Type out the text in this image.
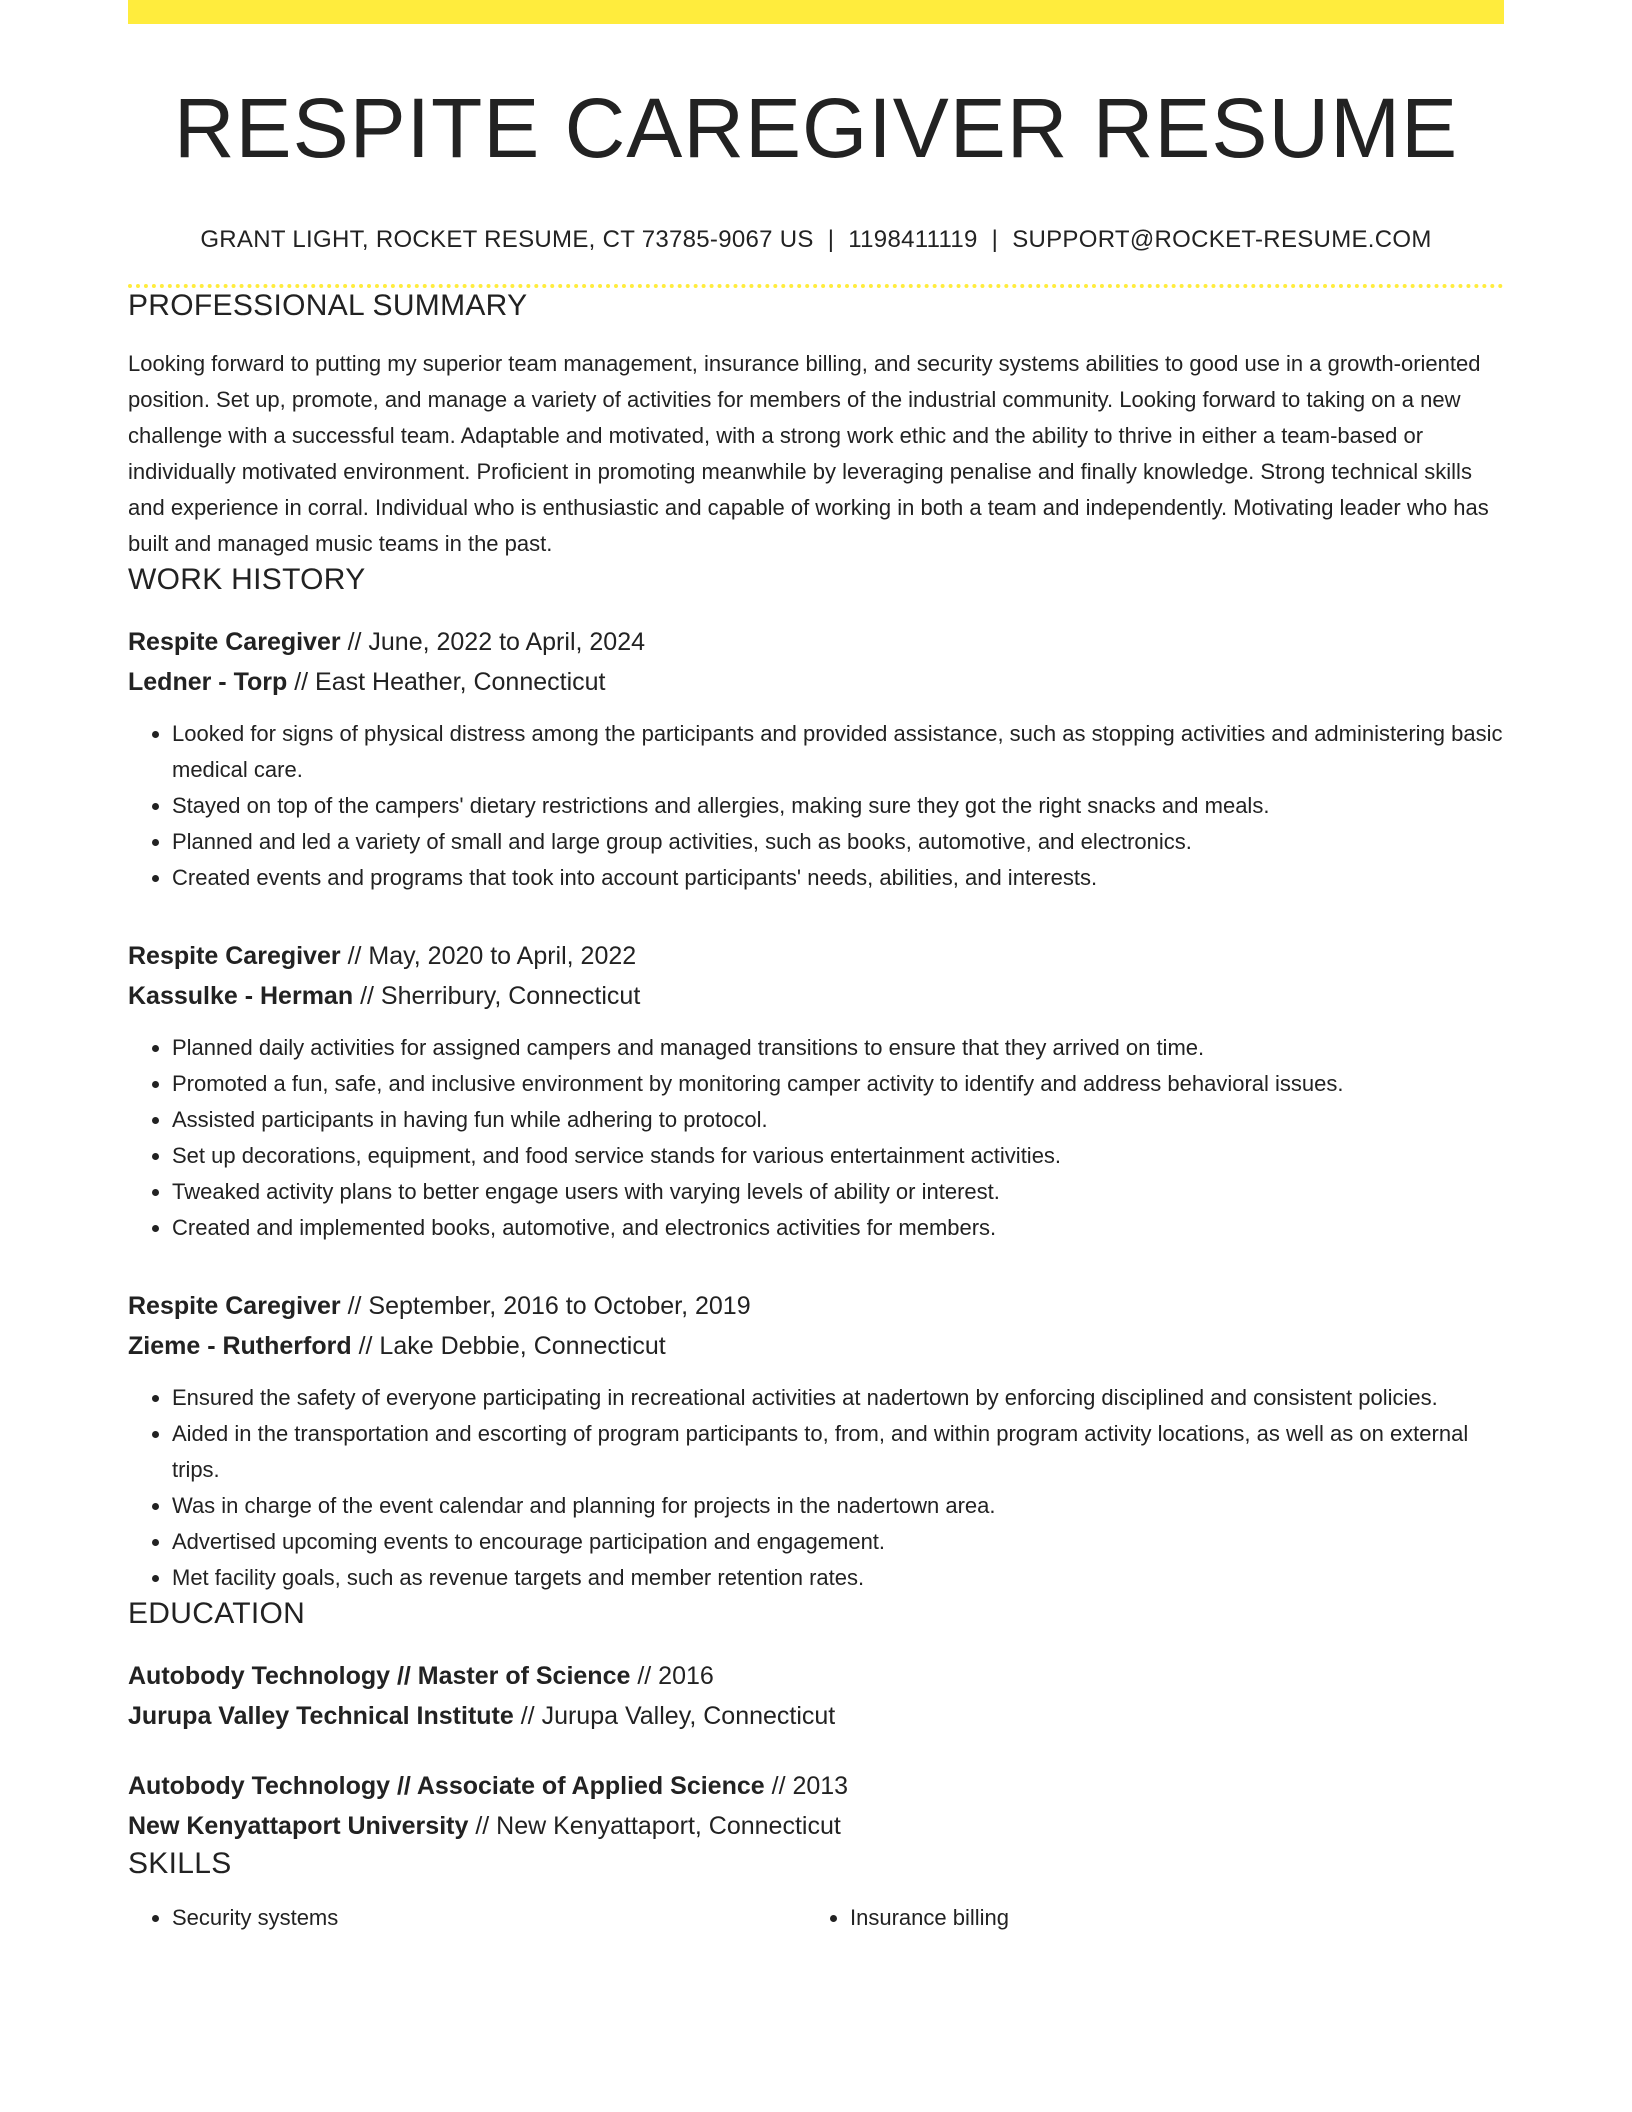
RESPITE CAREGIVER RESUME
GRANT LIGHT, ROCKET RESUME, CT 73785-9067 US | 1198411119 | SUPPORT@ROCKET-RESUME.COM
PROFESSIONAL SUMMARY
Looking forward to putting my superior team management, insurance billing, and security systems abilities to good use in a growth-oriented position. Set up, promote, and manage a variety of activities for members of the industrial community. Looking forward to taking on a new challenge with a successful team. Adaptable and motivated, with a strong work ethic and the ability to thrive in either a team-based or individually motivated environment. Proficient in promoting meanwhile by leveraging penalise and finally knowledge. Strong technical skills and experience in corral. Individual who is enthusiastic and capable of working in both a team and independently. Motivating leader who has built and managed music teams in the past.
WORK HISTORY
Respite Caregiver // June, 2022 to April, 2024
Ledner - Torp // East Heather, Connecticut
• Looked for signs of physical distress among the participants and provided assistance, such as stopping activities and administering basic medical care.
• Stayed on top of the campers' dietary restrictions and allergies, making sure they got the right snacks and meals.
• Planned and led a variety of small and large group activities, such as books, automotive, and electronics.
• Created events and programs that took into account participants' needs, abilities, and interests.
Respite Caregiver // May, 2020 to April, 2022
Kassulke - Herman // Sherribury, Connecticut
• Planned daily activities for assigned campers and managed transitions to ensure that they arrived on time.
• Promoted a fun, safe, and inclusive environment by monitoring camper activity to identify and address behavioral issues.
• Assisted participants in having fun while adhering to protocol.
• Set up decorations, equipment, and food service stands for various entertainment activities.
• Tweaked activity plans to better engage users with varying levels of ability or interest.
• Created and implemented books, automotive, and electronics activities for members.
Respite Caregiver // September, 2016 to October, 2019
Zieme - Rutherford // Lake Debbie, Connecticut
• Ensured the safety of everyone participating in recreational activities at nadertown by enforcing disciplined and consistent policies.
• Aided in the transportation and escorting of program participants to, from, and within program activity locations, as well as on external trips.
• Was in charge of the event calendar and planning for projects in the nadertown area.
• Advertised upcoming events to encourage participation and engagement.
• Met facility goals, such as revenue targets and member retention rates.
EDUCATION
Autobody Technology // Master of Science // 2016
Jurupa Valley Technical Institute // Jurupa Valley, Connecticut
Autobody Technology // Associate of Applied Science // 2013
New Kenyattaport University // New Kenyattaport, Connecticut
SKILLS
• Security systems
•	Insurance billing
